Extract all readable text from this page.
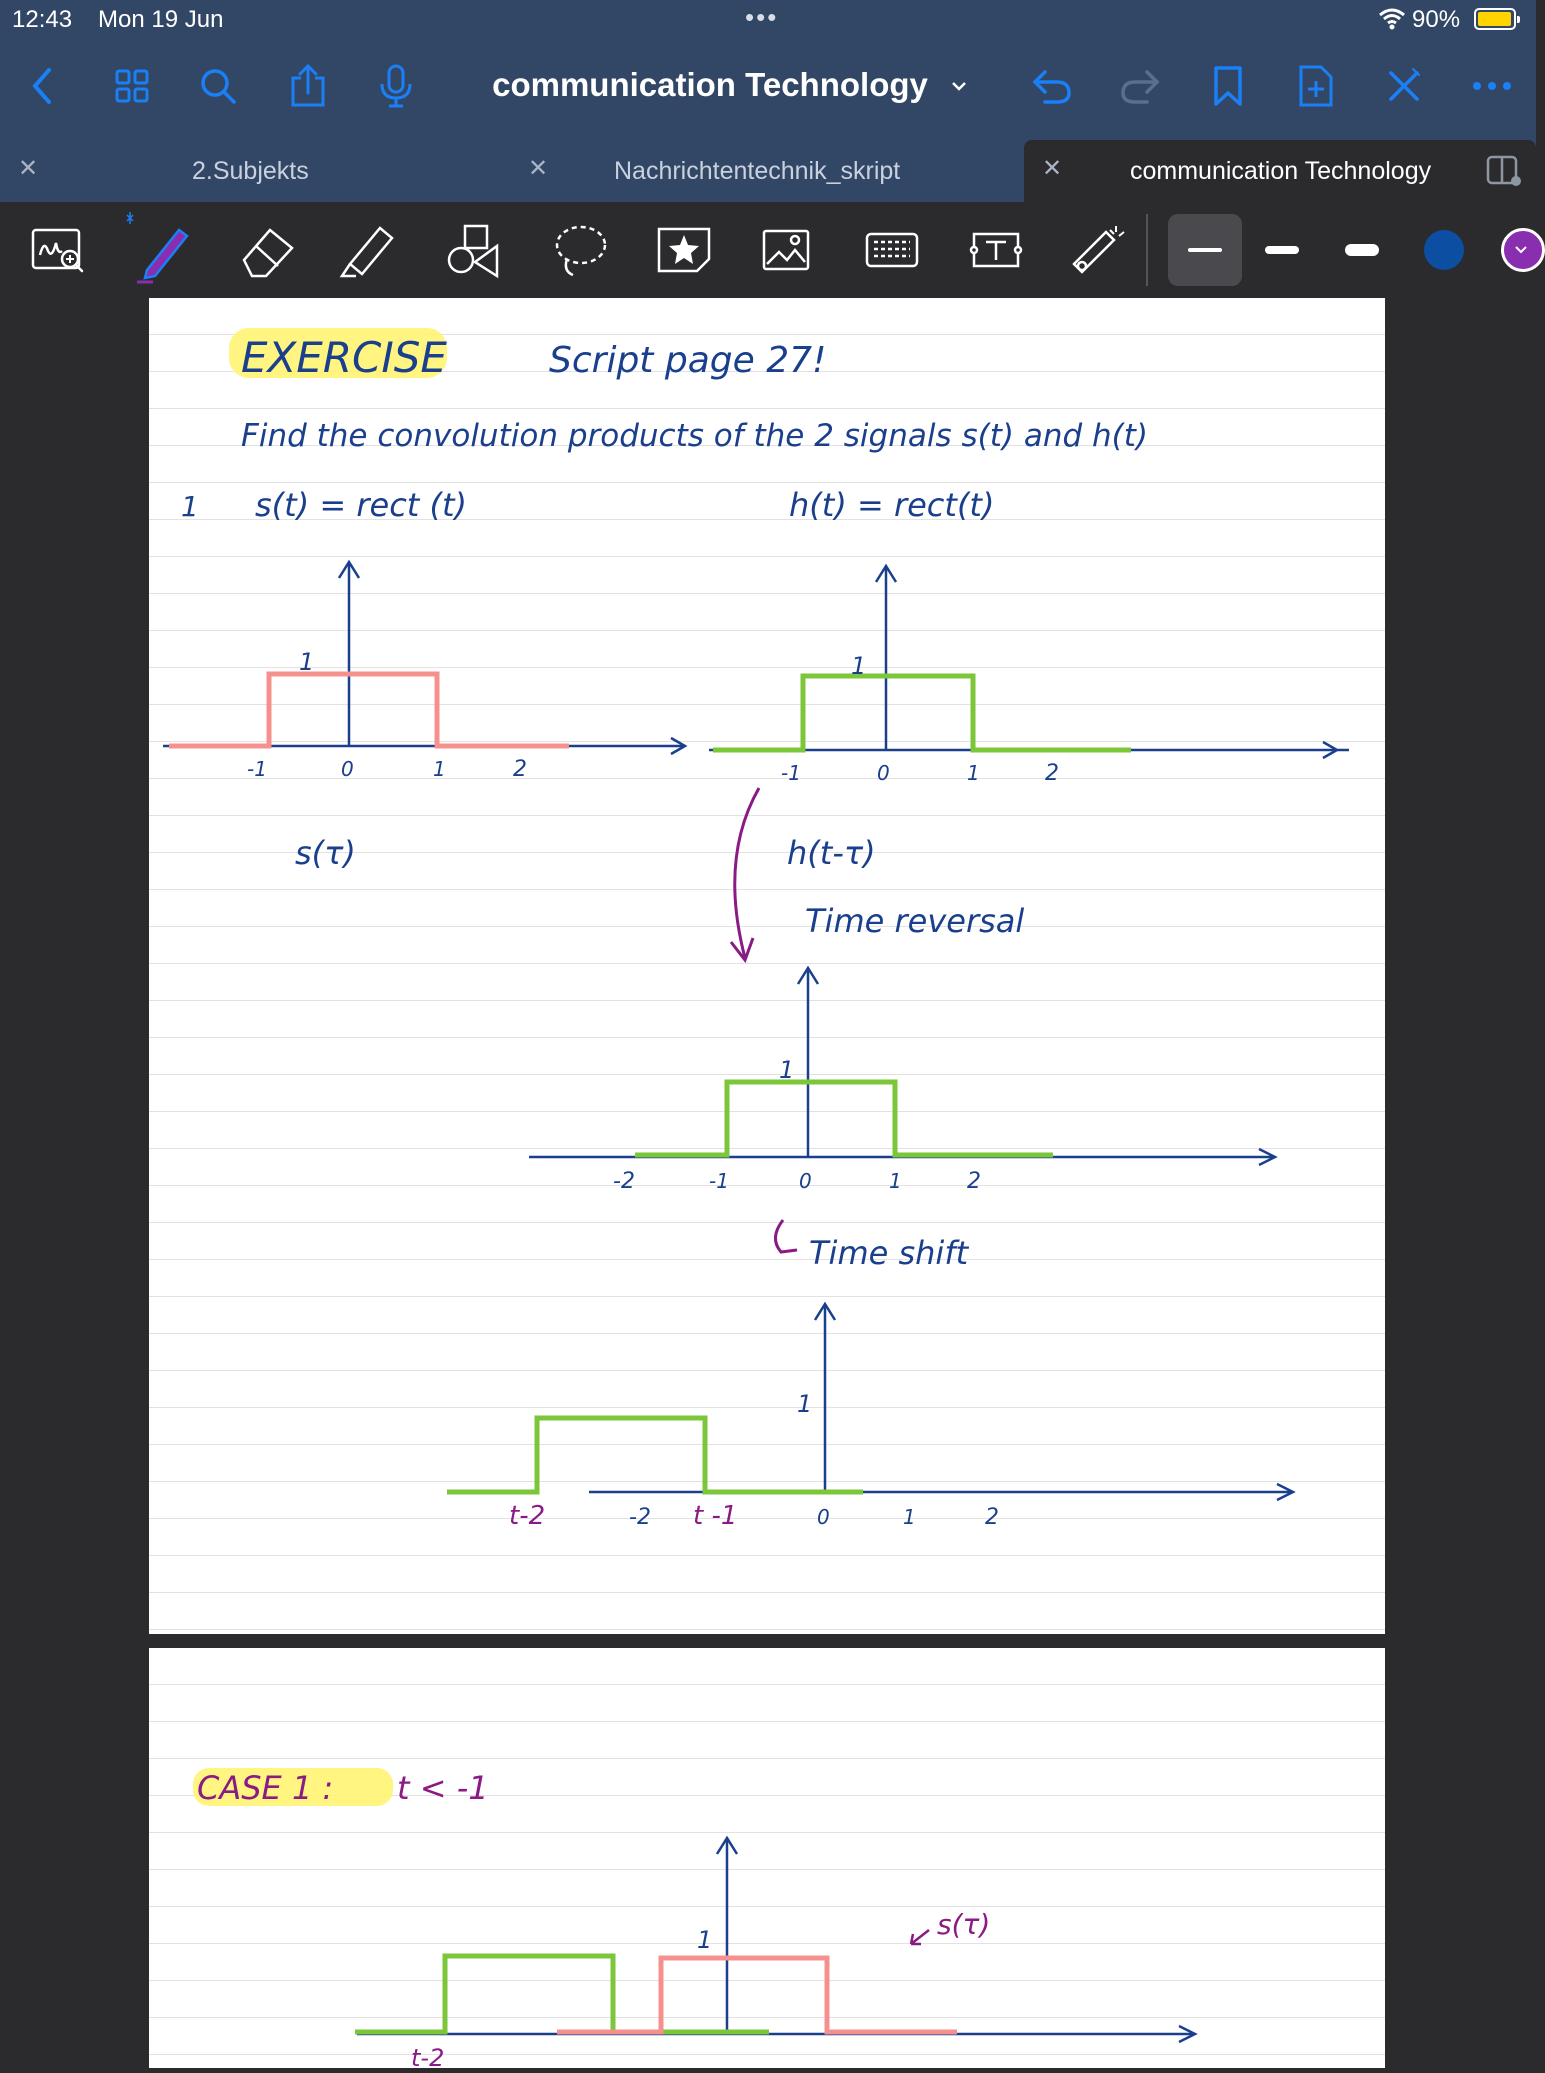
12:43 Mon 19 Jun	•••	90%
communication Technology
✕	2.Subjekts	✕	Nachrichtentechnik_skript	✕	communication Technology
EXERCISE	Script page 27!
Find the convolution products of the 2 signals s(t) and h(t)
1 s(t) = rect (t)	h(t) = rect(t)
1
-1	0	1	2
1
-1	0	1	2
s(τ)	h(t-τ)
Time reversal
1
-2	-1	0	1	2
Time shift
1
t-2	-2 t -1	0	1	2
CASE 1 : t < -1
1	s(τ)
t-2
